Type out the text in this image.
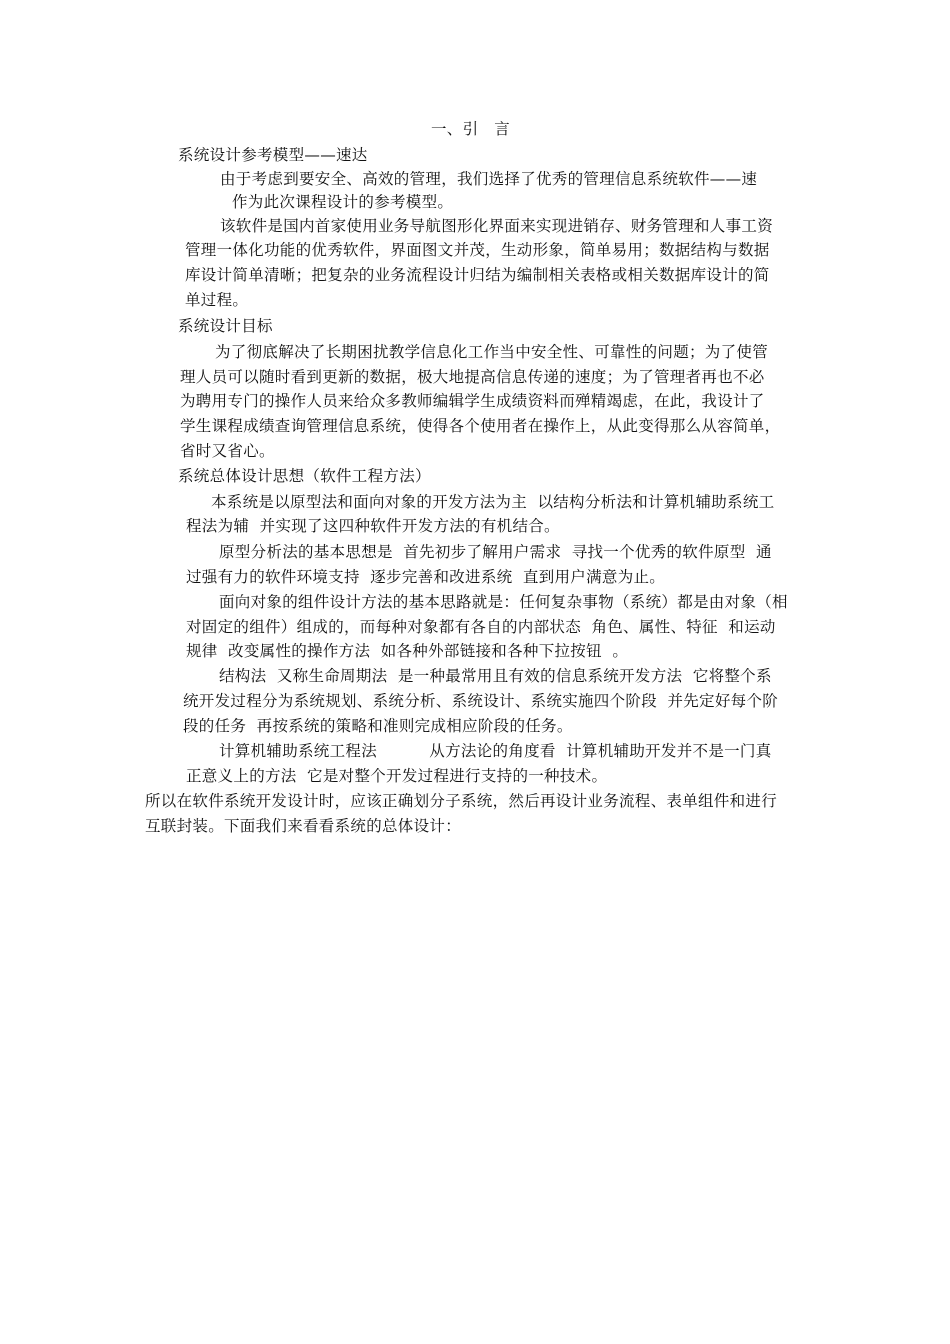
一、引　言
系统设计参考模型——速达
由于考虑到要安全、高效的管理，我们选择了优秀的管理信息系统软件——速
作为此次课程设计的参考模型。
该软件是国内首家使用业务导航图形化界面来实现进销存、财务管理和人事工资
管理一体化功能的优秀软件，界面图文并茂，生动形象，简单易用；数据结构与数据
库设计简单清晰；把复杂的业务流程设计归结为编制相关表格或相关数据库设计的简
单过程。
系统设计目标
为了彻底解决了长期困扰教学信息化工作当中安全性、可靠性的问题；为了使管
理人员可以随时看到更新的数据，极大地提高信息传递的速度；为了管理者再也不必
为聘用专门的操作人员来给众多教师编辑学生成绩资料而殚精竭虑，在此，我设计了
学生课程成绩查询管理信息系统，使得各个使用者在操作上，从此变得那么从容简单，
省时又省心。
系统总体设计思想（软件工程方法）
本系统是以原型法和面向对象的开发方法为主  以结构分析法和计算机辅助系统工
程法为辅  并实现了这四种软件开发方法的有机结合。
原型分析法的基本思想是  首先初步了解用户需求  寻找一个优秀的软件原型  通
过强有力的软件环境支持  逐步完善和改进系统  直到用户满意为止。
面向对象的组件设计方法的基本思路就是：任何复杂事物（系统）都是由对象（相
对固定的组件）组成的，而每种对象都有各自的内部状态  角色、属性、特征  和运动
规律  改变属性的操作方法  如各种外部链接和各种下拉按钮  。
结构法  又称生命周期法  是一种最常用且有效的信息系统开发方法  它将整个系
统开发过程分为系统规划、系统分析、系统设计、系统实施四个阶段  并先定好每个阶
段的任务  再按系统的策略和准则完成相应阶段的任务。
计算机辅助系统工程法          从方法论的角度看  计算机辅助开发并不是一门真
正意义上的方法  它是对整个开发过程进行支持的一种技术。
所以在软件系统开发设计时，应该正确划分子系统，然后再设计业务流程、表单组件和进行
互联封装。下面我们来看看系统的总体设计：
